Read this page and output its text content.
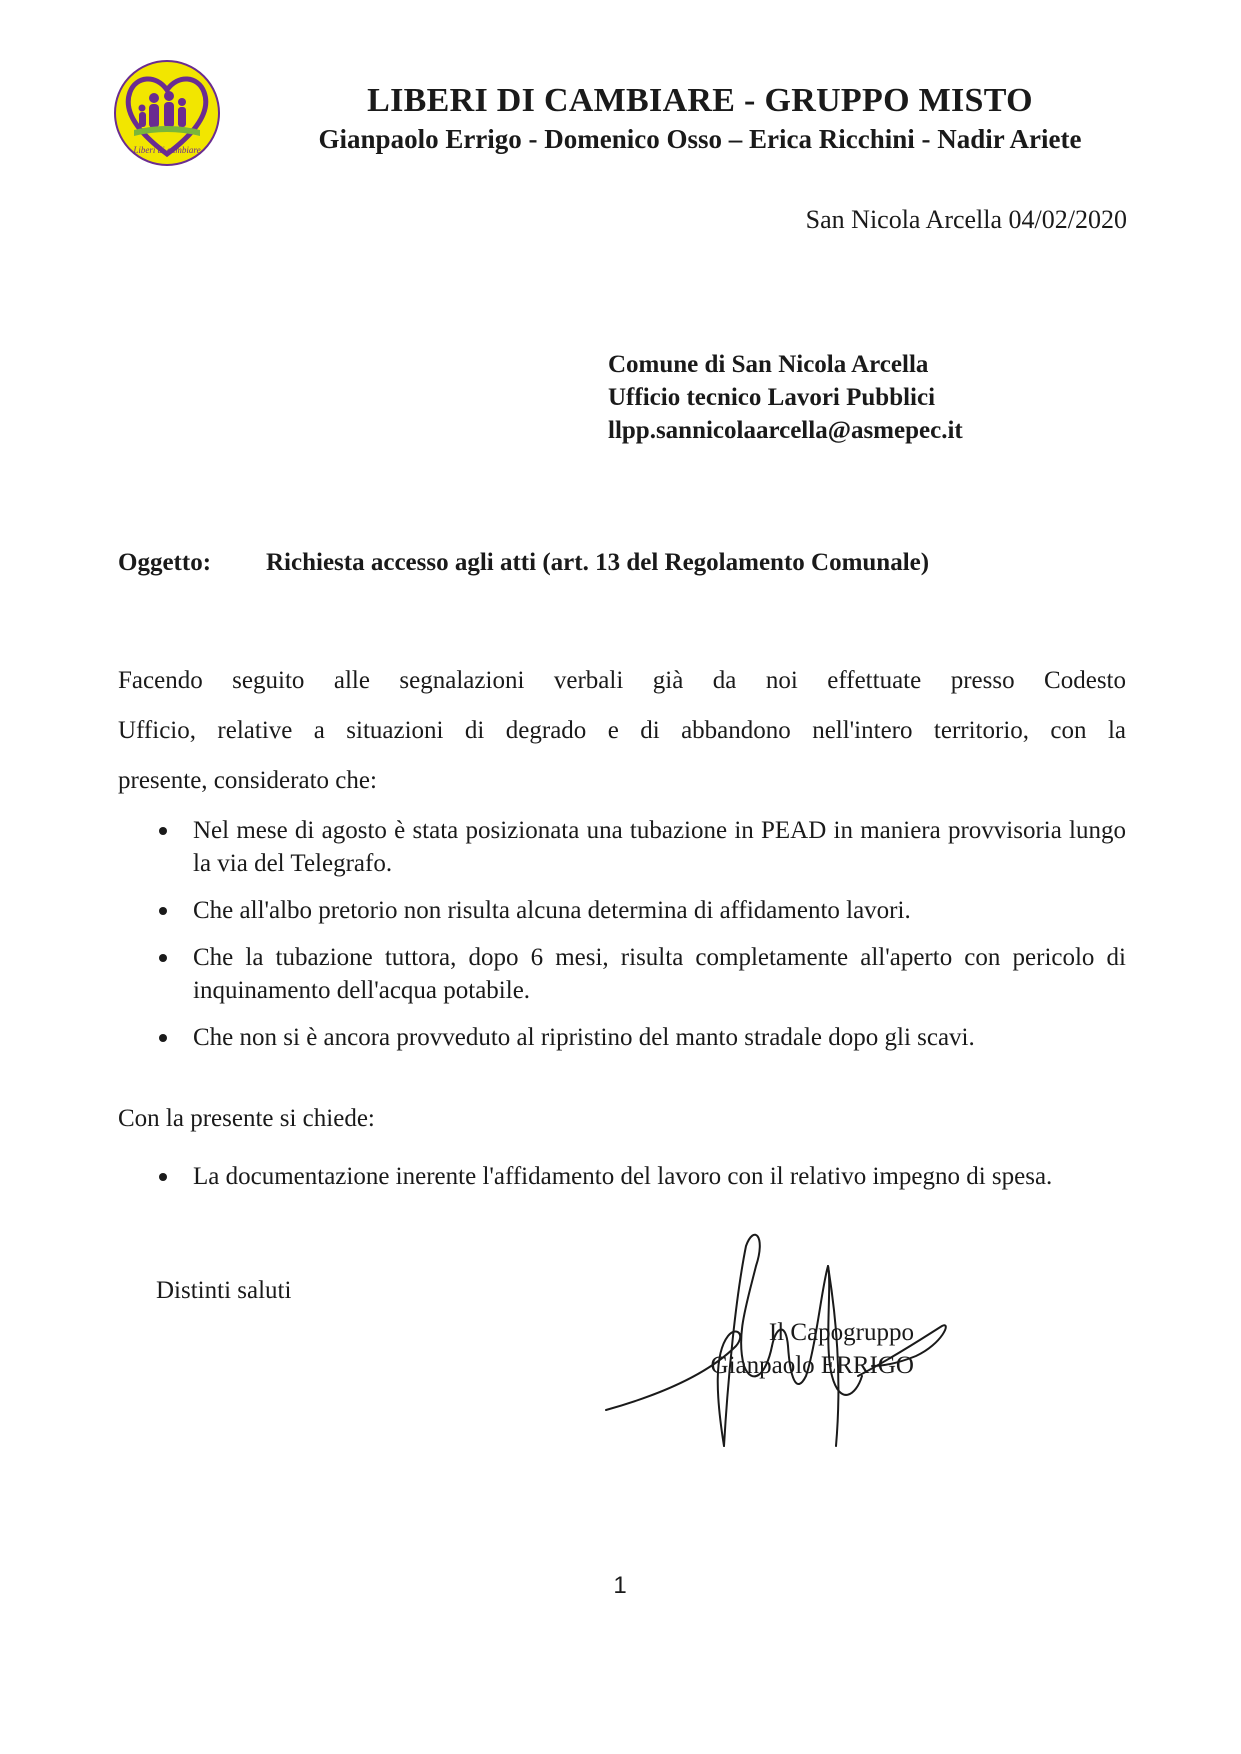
Liberi di cambiare
LIBERI DI CAMBIARE - GRUPPO MISTO
Gianpaolo Errigo - Domenico Osso – Erica Ricchini - Nadir Ariete
San Nicola Arcella 04/02/2020
Comune di San Nicola Arcella
Ufficio tecnico Lavori Pubblici
llpp.sannicolaarcella@asmepec.it
Oggetto: Richiesta accesso agli atti (art. 13 del Regolamento Comunale)
Facendo seguito alle segnalazioni verbali già da noi effettuate presso Codesto
Ufficio, relative a situazioni di degrado e di abbandono nell'intero territorio, con la
presente, considerato che:
Nel mese di agosto è stata posizionata una tubazione in PEAD in maniera provvisoria lungo la via del Telegrafo.
Che all'albo pretorio non risulta alcuna determina di affidamento lavori.
Che la tubazione tuttora, dopo 6 mesi, risulta completamente all'aperto con pericolo di inquinamento dell'acqua potabile.
Che non si è ancora provveduto al ripristino del manto stradale dopo gli scavi.
Con la presente si chiede:
La documentazione inerente l'affidamento del lavoro con il relativo impegno di spesa.
Distinti saluti
Il Capogruppo
Gianpaolo ERRIGO
1
